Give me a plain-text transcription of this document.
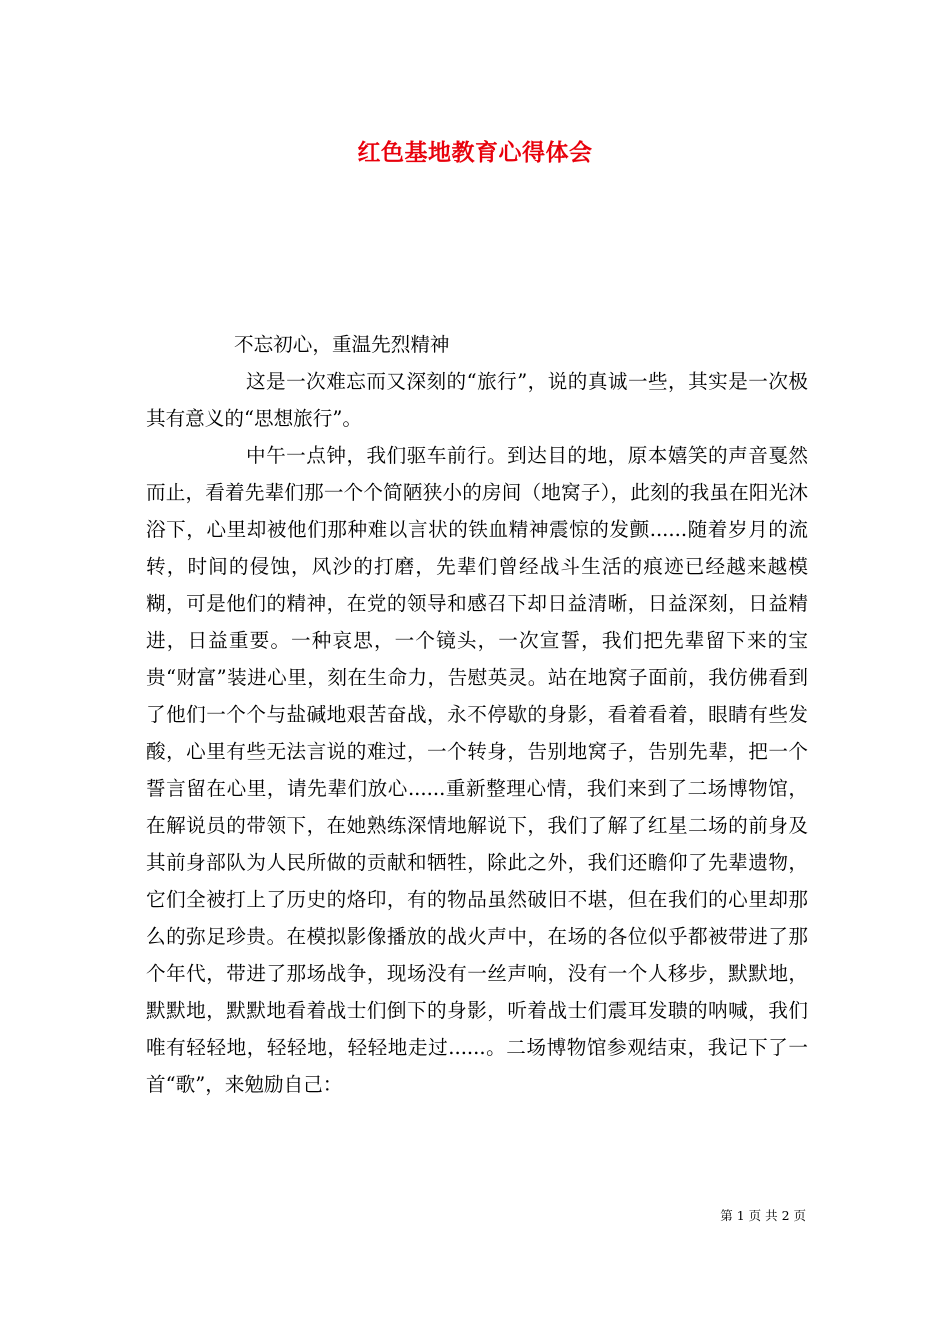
红色基地教育心得体会

不忘初心，重温先烈精神

这是一次难忘而又深刻的“旅行”，说的真诚一些，其实是一次极其有意义的“思想旅行”。

中午一点钟，我们驱车前行。到达目的地，原本嬉笑的声音戛然而止，看着先辈们那一个个简陋狭小的房间（地窝子），此刻的我虽在阳光沐浴下，心里却被他们那种难以言状的铁血精神震惊的发颤......随着岁月的流转，时间的侵蚀，风沙的打磨，先辈们曾经战斗生活的痕迹已经越来越模糊，可是他们的精神，在党的领导和感召下却日益清晰，日益深刻，日益精进，日益重要。一种哀思，一个镜头，一次宣誓，我们把先辈留下来的宝贵“财富”装进心里，刻在生命力，告慰英灵。站在地窝子面前，我仿佛看到了他们一个个与盐碱地艰苦奋战，永不停歇的身影，看着看着，眼睛有些发酸，心里有些无法言说的难过，一个转身，告别地窝子，告别先辈，把一个誓言留在心里，请先辈们放心......重新整理心情，我们来到了二场博物馆，在解说员的带领下，在她熟练深情地解说下，我们了解了红星二场的前身及其前身部队为人民所做的贡献和牺牲，除此之外，我们还瞻仰了先辈遗物，它们全被打上了历史的烙印，有的物品虽然破旧不堪，但在我们的心里却那么的弥足珍贵。在模拟影像播放的战火声中，在场的各位似乎都被带进了那个年代，带进了那场战争，现场没有一丝声响，没有一个人移步，默默地，默默地，默默地看着战士们倒下的身影，听着战士们震耳发聩的呐喊，我们唯有轻轻地，轻轻地，轻轻地走过......。二场博物馆参观结束，我记下了一首“歌”，来勉励自己：

第 1 页 共 2 页
